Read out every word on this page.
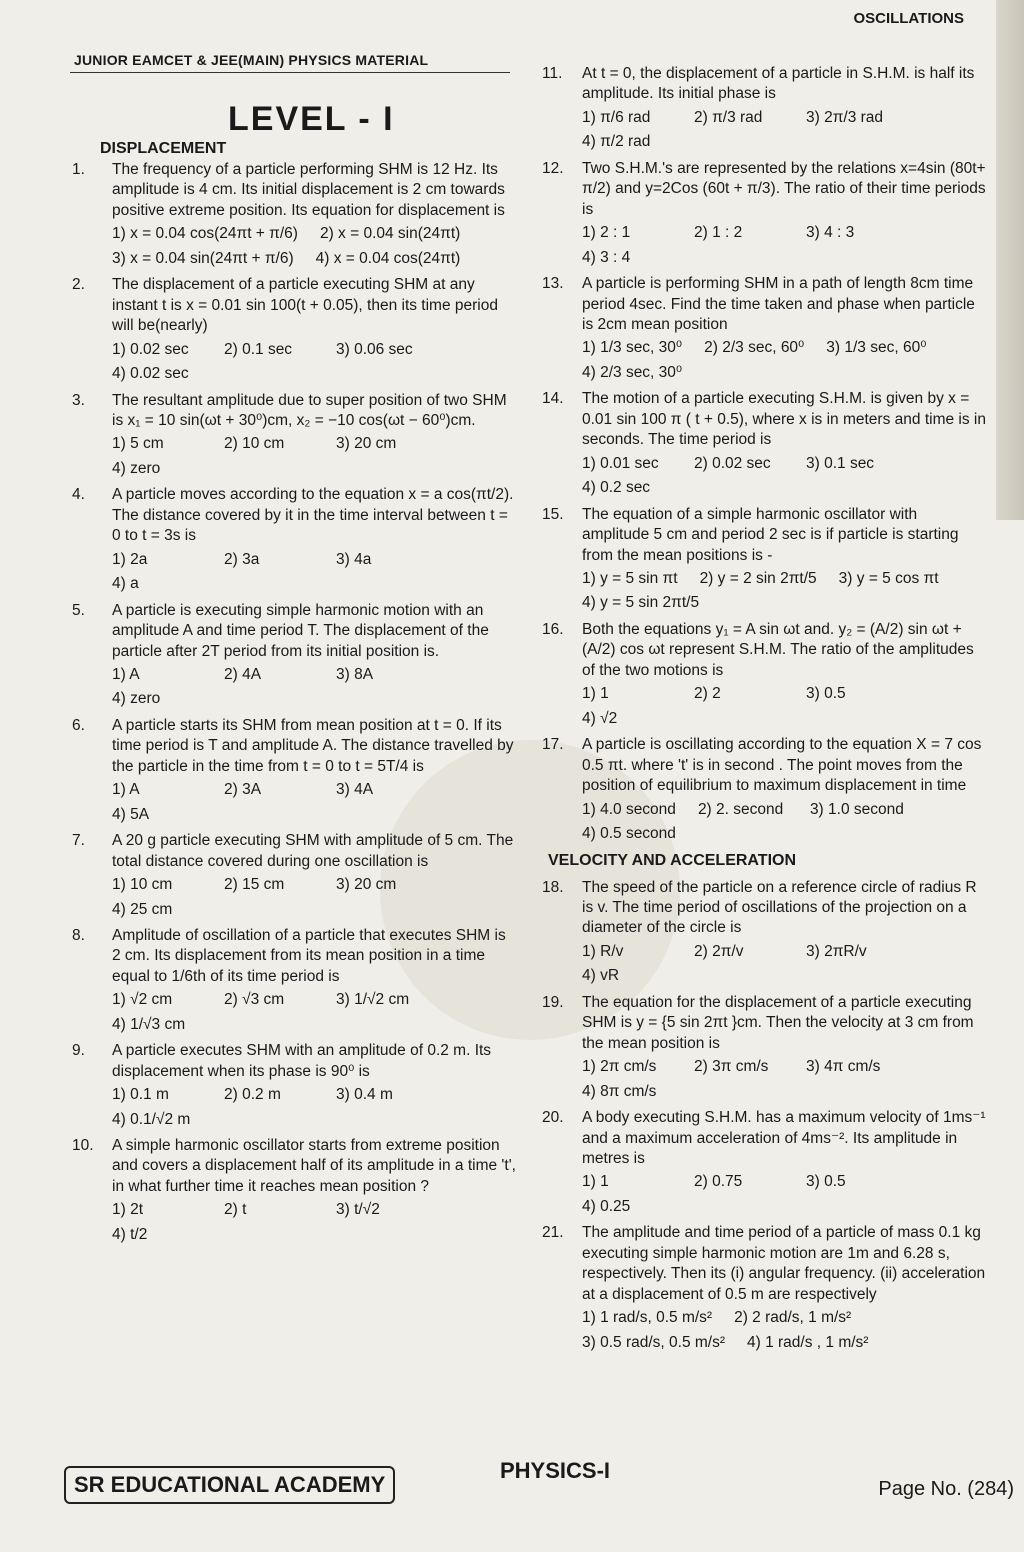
JUNIOR EAMCET & JEE(MAIN) PHYSICS MATERIAL
OSCILLATIONS
LEVEL - I
DISPLACEMENT
1. The frequency of a particle performing SHM is 12 Hz. Its amplitude is 4 cm. Its initial displacement is 2 cm towards positive extreme position. Its equation for displacement is
1) x = 0.04 cos(24πt + π/6) 2) x = 0.04 sin(24πt)
3) x = 0.04 sin(24πt + π/6) 4) x = 0.04 cos(24πt)
2. The displacement of a particle executing SHM at any instant t is x = 0.01 sin 100(t + 0.05), then its time period will be(nearly)
1) 0.02 sec	2) 0.1 sec	3) 0.06 sec
4) 0.02 sec
3. The resultant amplitude due to super position of two SHM is x₁ = 10 sin(ωt + 30⁰)cm, x₂ = −10 cos(ωt − 60⁰)cm.
1) 5 cm	2) 10 cm	3) 20 cm
4) zero
4. A particle moves according to the equation x = a cos(πt/2). The distance covered by it in the time interval between t = 0 to t = 3s is
1) 2a	2) 3a	3) 4a
4) a
5. A particle is executing simple harmonic motion with an amplitude A and time period T. The displacement of the particle after 2T period from its initial position is.
1) A	2) 4A	3) 8A
4) zero
6. A particle starts its SHM from mean position at t = 0. If its time period is T and amplitude A. The distance travelled by the particle in the time from t = 0 to t = 5T/4 is
1) A	2) 3A	3) 4A
4) 5A
7. A 20 g particle executing SHM with amplitude of 5 cm. The total distance covered during one oscillation is
1) 10 cm	2) 15 cm	3) 20 cm
4) 25 cm
8. Amplitude of oscillation of a particle that executes SHM is 2 cm. Its displacement from its mean position in a time equal to 1/6th of its time period is
1) √2 cm	2) √3 cm	3) 1/√2 cm
4) 1/√3 cm
9. A particle executes SHM with an amplitude of 0.2 m. Its displacement when its phase is 90⁰ is
1) 0.1 m	2) 0.2 m	3) 0.4 m
4) 0.1/√2 m
10. A simple harmonic oscillator starts from extreme position and covers a displacement half of its amplitude in a time 't', in what further time it reaches mean position ?
1) 2t	2) t	3) t/√2
4) t/2
11. At t = 0, the displacement of a particle in S.H.M. is half its amplitude. Its initial phase is
1) π/6 rad	2) π/3 rad	3) 2π/3 rad
4) π/2 rad
12. Two S.H.M.'s are represented by the relations x=4sin (80t+ π/2) and y=2Cos (60t + π/3). The ratio of their time periods is
1) 2 : 1	2) 1 : 2	3) 4 : 3
4) 3 : 4
13. A particle is performing SHM in a path of length 8cm time period 4sec. Find the time taken and phase when particle is 2cm mean position
1) 1/3 sec, 30⁰ 2) 2/3 sec, 60⁰ 3) 1/3 sec, 60⁰
4) 2/3 sec, 30⁰
14. The motion of a particle executing S.H.M. is given by x = 0.01 sin 100 π ( t + 0.5), where x is in meters and time is in seconds. The time period is
1) 0.01 sec	2) 0.02 sec	3) 0.1 sec
4) 0.2 sec
15. The equation of a simple harmonic oscillator with amplitude 5 cm and period 2 sec is if particle is starting from the mean positions is -
1) y = 5 sin πt 2) y = 2 sin 2πt/5 3) y = 5 cos πt
4) y = 5 sin 2πt/5
16. Both the equations y₁ = A sin ωt and. y₂ = (A/2) sin ωt + (A/2) cos ωt represent S.H.M. The ratio of the amplitudes of the two motions is
1) 1	2) 2	3) 0.5
4) √2
17. A particle is oscillating according to the equation X = 7 cos 0.5 πt. where 't' is in second . The point moves from the position of equilibrium to maximum displacement in time
1) 4.0 second 2) 2. second	3) 1.0 second
4) 0.5 second
VELOCITY AND ACCELERATION
18. The speed of the particle on a reference circle of radius R is v. The time period of oscillations of the projection on a diameter of the circle is
1) R/v	2) 2π/v	3) 2πR/v
4) vR
19. The equation for the displacement of a particle executing SHM is y = {5 sin 2πt }cm. Then the velocity at 3 cm from the mean position is
1) 2π cm/s	2) 3π cm/s	3) 4π cm/s
4) 8π cm/s
20. A body executing S.H.M. has a maximum velocity of 1ms⁻¹ and a maximum acceleration of 4ms⁻². Its amplitude in metres is
1) 1	2) 0.75	3) 0.5
4) 0.25
21. The amplitude and time period of a particle of mass 0.1 kg executing simple harmonic motion are 1m and 6.28 s, respectively. Then its (i) angular frequency. (ii) acceleration at a displacement of 0.5 m are respectively
1) 1 rad/s, 0.5 m/s² 2) 2 rad/s, 1 m/s²
3) 0.5 rad/s, 0.5 m/s² 4) 1 rad/s , 1 m/s²
SR EDUCATIONAL ACADEMY
PHYSICS-I
Page No. (284)
